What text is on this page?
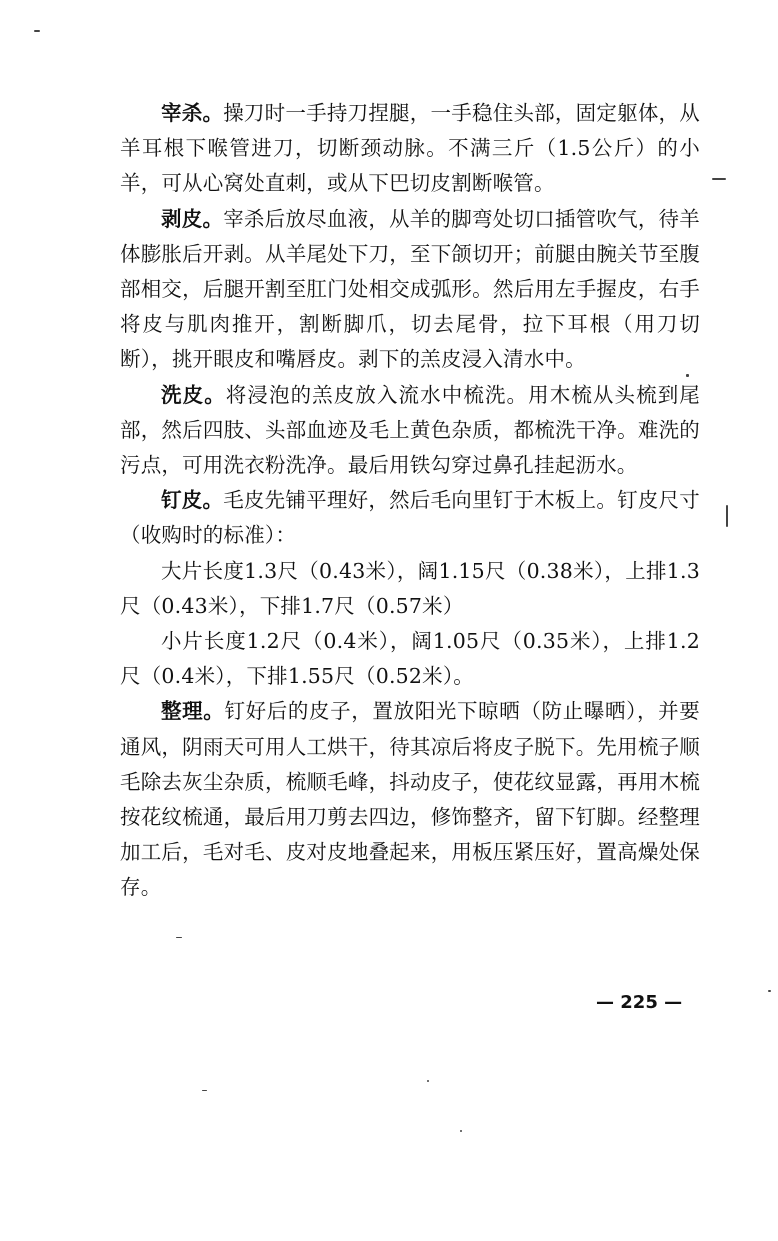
宰杀。操刀时一手持刀捏腿，一手稳住头部，固定躯体，从羊耳根下喉管进刀，切断颈动脉。不满三斤（1.5公斤）的小羊，可从心窝处直刺，或从下巴切皮割断喉管。

剥皮。宰杀后放尽血液，从羊的脚弯处切口插管吹气，待羊体膨胀后开剥。从羊尾处下刀，至下颌切开；前腿由腕关节至腹部相交，后腿开割至肛门处相交成弧形。然后用左手握皮，右手将皮与肌肉推开，割断脚爪，切去尾骨，拉下耳根（用刀切断），挑开眼皮和嘴唇皮。剥下的羔皮浸入清水中。

洗皮。将浸泡的羔皮放入流水中梳洗。用木梳从头梳到尾部，然后四肢、头部血迹及毛上黄色杂质，都梳洗干净。难洗的污点，可用洗衣粉洗净。最后用铁勾穿过鼻孔挂起沥水。

钉皮。毛皮先铺平理好，然后毛向里钉于木板上。钉皮尺寸（收购时的标准）：

大片长度1.3尺（0.43米），阔1.15尺（0.38米），上排1.3尺（0.43米），下排1.7尺（0.57米）

小片长度1.2尺（0.4米），阔1.05尺（0.35米），上排1.2尺（0.4米），下排1.55尺（0.52米）。

整理。钉好后的皮子，置放阳光下晾晒（防止曝晒），并要通风，阴雨天可用人工烘干，待其凉后将皮子脱下。先用梳子顺毛除去灰尘杂质，梳顺毛峰，抖动皮子，使花纹显露，再用木梳按花纹梳通，最后用刀剪去四边，修饰整齐，留下钉脚。经整理加工后，毛对毛、皮对皮地叠起来，用板压紧压好，置高燥处保存。

— 225 —
